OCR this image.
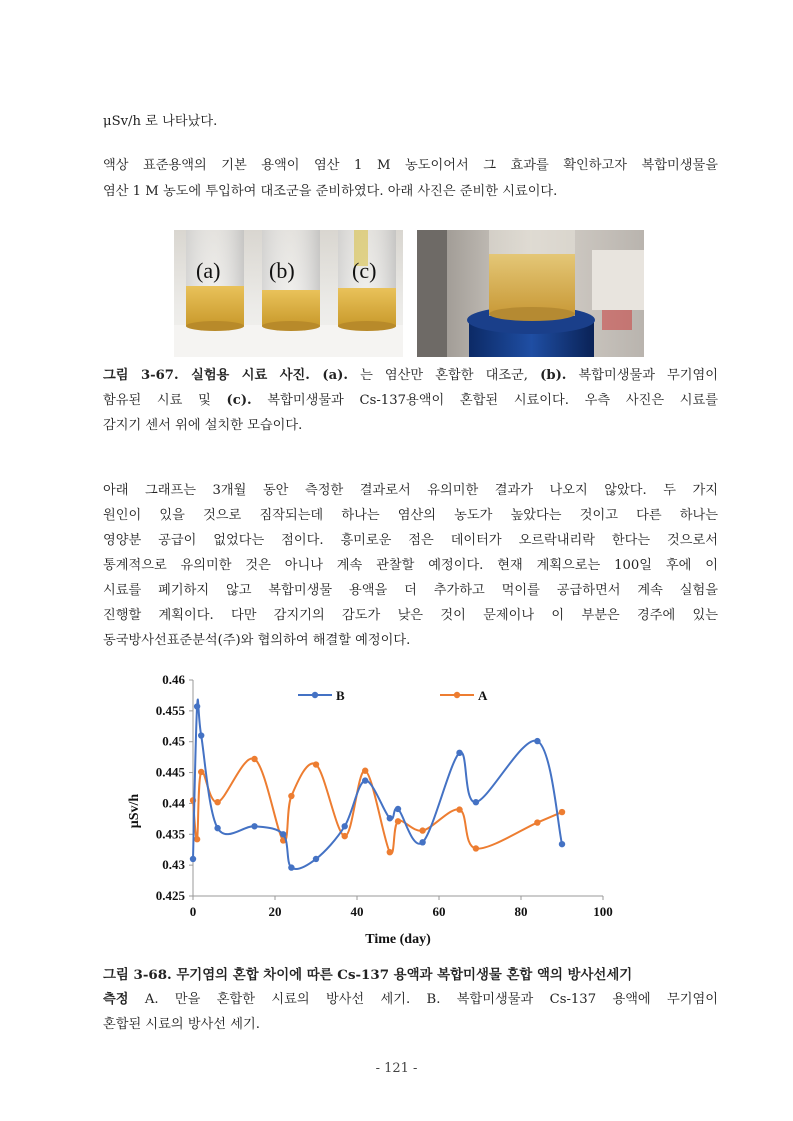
μSv/h 로 나타났다.
액상 표준용액의 기본 용액이 염산 1 M 농도이어서 그 효과를 확인하고자 복합미생물을
염산 1 M 농도에 투입하여 대조군을 준비하였다. 아래 사진은 준비한 시료이다.
(a) (b)	(c)
그림 3-67. 실험용 시료 사진. (a). 는 염산만 혼합한 대조군, (b). 복합미생물과 무기염이
함유된 시료 및 (c). 복합미생물과 Cs-137용액이 혼합된 시료이다. 우측 사진은 시료를
감지기 센서 위에 설치한 모습이다.
아래 그래프는 3개월 동안 측정한 결과로서 유의미한 결과가 나오지 않았다. 두 가지
원인이 있을 것으로 짐작되는데 하나는 염산의 농도가 높았다는 것이고 다른 하나는
영양분 공급이 없었다는 점이다. 흥미로운 점은 데이터가 오르락내리락 한다는 것으로서
통계적으로 유의미한 것은 아니나 계속 관찰할 예정이다. 현재 계획으로는 100일 후에 이
시료를 폐기하지 않고 복합미생물 용액을 더 추가하고 먹이를 공급하면서 계속 실험을
진행할 계획이다. 다만 감지기의 감도가 낮은 것이 문제이나 이 부분은 경주에 있는
동국방사선표준분석(주)와 협의하여 해결할 예정이다.
0.425
0.43
0.435
0.44
0.445
0.45
0.455
0.46
0	20	40	60	80	100
B	A
Time (day)
μSv/h
그림 3-68. 무기염의 혼합 차이에 따른 Cs-137 용액과 복합미생물 혼합 액의 방사선세기
측정 A. 만을 혼합한 시료의 방사선 세기. B. 복합미생물과 Cs-137 용액에 무기염이
혼합된 시료의 방사선 세기.
- 121 -
